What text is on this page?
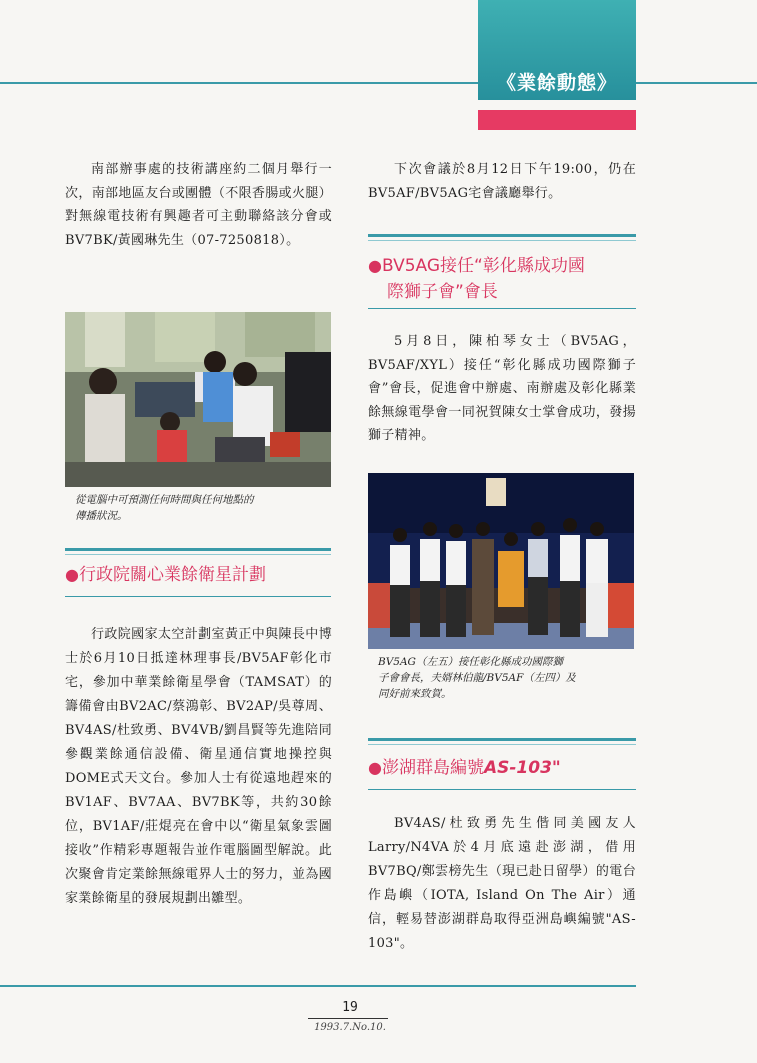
《業餘動態》

南部辦事處的技術講座約二個月舉行一次，南部地區友台或團體（不限香腸或火腿）對無線電技術有興趣者可主動聯絡該分會或BV7BK/黃國琳先生（07-7250818）。

從電腦中可預測任何時間與任何地點的
傳播狀況。
●行政院關心業餘衛星計劃

行政院國家太空計劃室黃正中與陳長中博士於6月10日抵達林理事長/BV5AF彰化市宅，參加中華業餘衛星學會（TAMSAT）的籌備會由BV2AC/蔡鴻彰、BV2AP/吳尊周、BV4AS/杜致勇、BV4VB/劉昌賢等先進陪同參觀業餘通信設備、衛星通信實地操控與DOME式天文台。參加人士有從遠地趕來的BV1AF、BV7AA、BV7BK等，共約30餘位，BV1AF/莊焜亮在會中以“衛星氣象雲圖接收”作精彩專題報告並作電腦圖型解說。此次聚會肯定業餘無線電界人士的努力，並為國家業餘衛星的發展規劃出雛型。

下次會議於8月12日下午19:00，仍在BV5AF/BV5AG宅會議廳舉行。

●BV5AG接任“彰化縣成功國
際獅子會”會長

5月8日，陳柏琴女士（BV5AG，BV5AF/XYL）接任“彰化縣成功國際獅子會”會長，促進會中辦處、南辦處及彰化縣業餘無線電學會一同祝賀陳女士掌會成功，發揚獅子精神。

BV5AG（左五）接任彰化縣成功國際獅
子會會長，夫婿林伯龍/BV5AF（左四）及
同好前來致賀。
●澎湖群島編號AS-103"

BV4AS/杜致勇先生偕同美國友人Larry/N4VA於4月底遠赴澎湖，借用BV7BQ/鄭雲榜先生（現已赴日留學）的電台作島嶼（IOTA, Island On The Air）通信，輕易替澎湖群島取得亞洲島嶼編號"AS-103"。

19
1993.7.No.10.
